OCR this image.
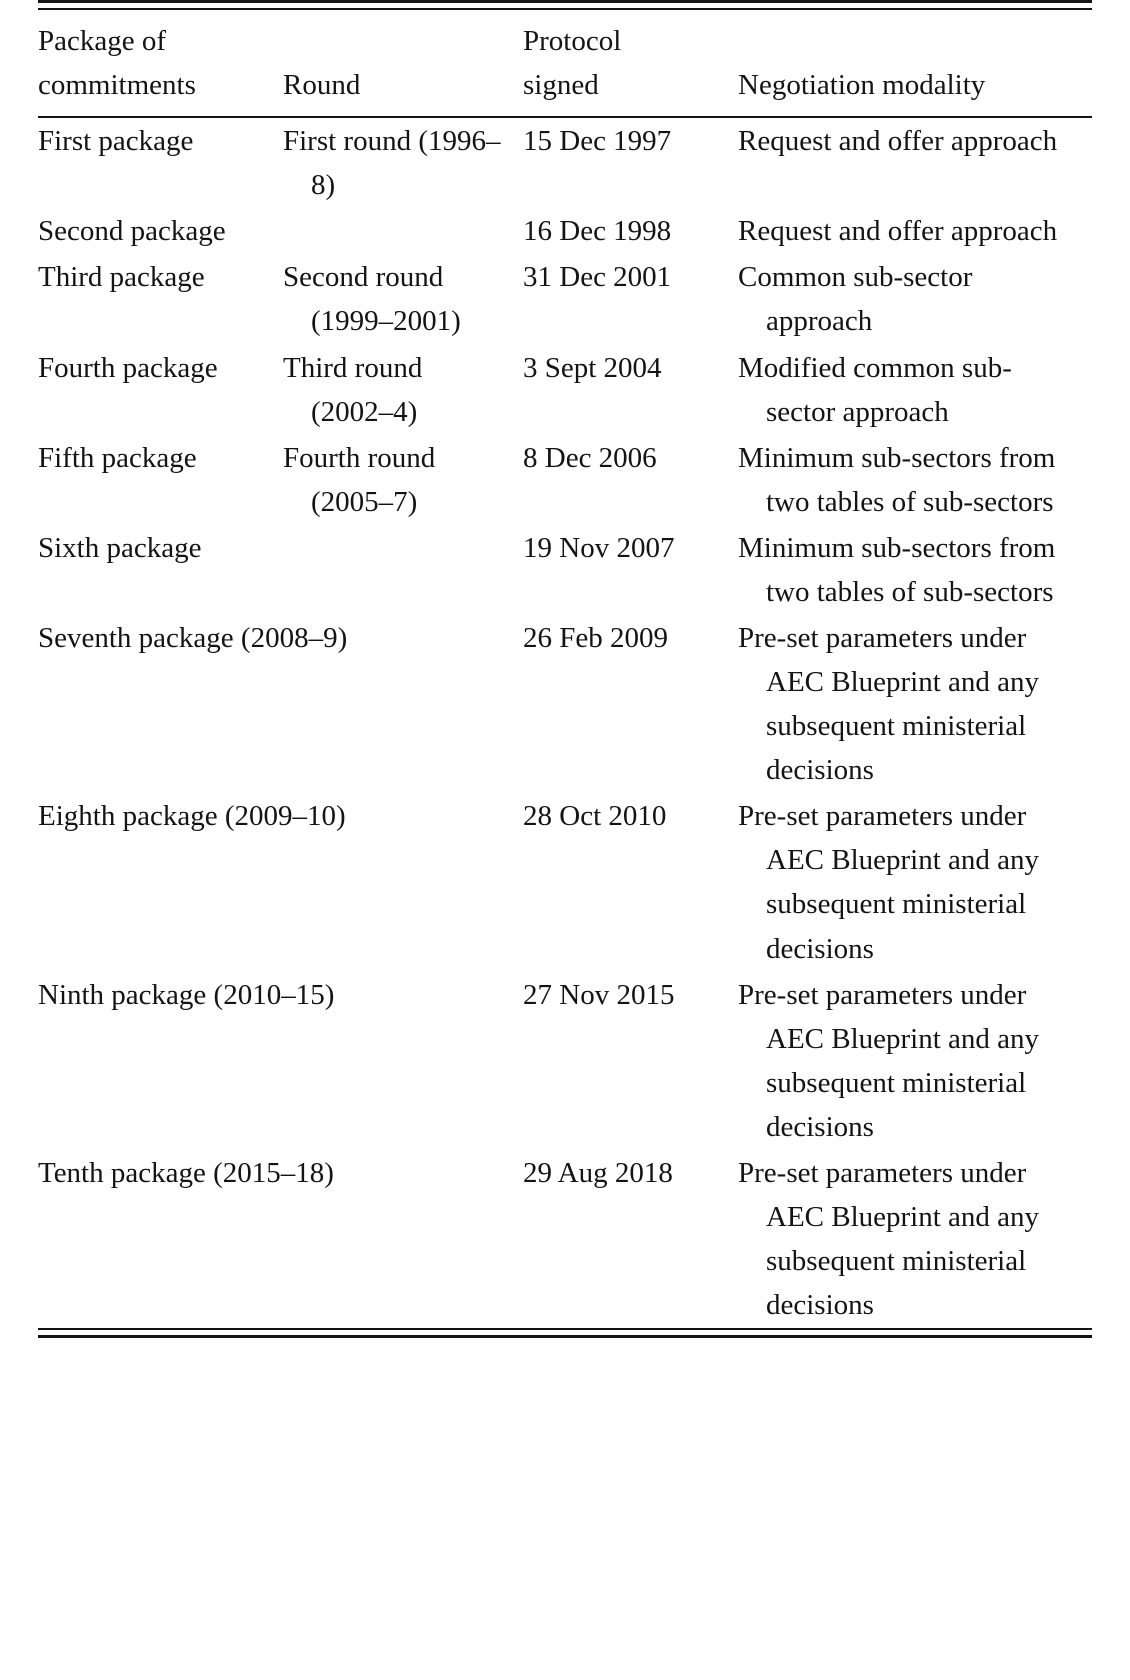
Package of commitments	Round	Protocol signed	Negotiation modality

First package	First round (1996–8)	15 Dec 1997	Request and offer approach
Second package		16 Dec 1998	Request and offer approach
Third package	Second round (1999–2001)	31 Dec 2001	Common sub-sector approach
Fourth package	Third round (2002–4)	3 Sept 2004	Modified common sub-sector approach
Fifth package	Fourth round (2005–7)	8 Dec 2006	Minimum sub-sectors from two tables of sub-sectors
Sixth package		19 Nov 2007	Minimum sub-sectors from two tables of sub-sectors
Seventh package (2008–9)		26 Feb 2009	Pre-set parameters under AEC Blueprint and any subsequent ministerial decisions
Eighth package (2009–10)		28 Oct 2010	Pre-set parameters under AEC Blueprint and any subsequent ministerial decisions
Ninth package (2010–15)		27 Nov 2015	Pre-set parameters under AEC Blueprint and any subsequent ministerial decisions
Tenth package (2015–18)		29 Aug 2018	Pre-set parameters under AEC Blueprint and any subsequent ministerial decisions
